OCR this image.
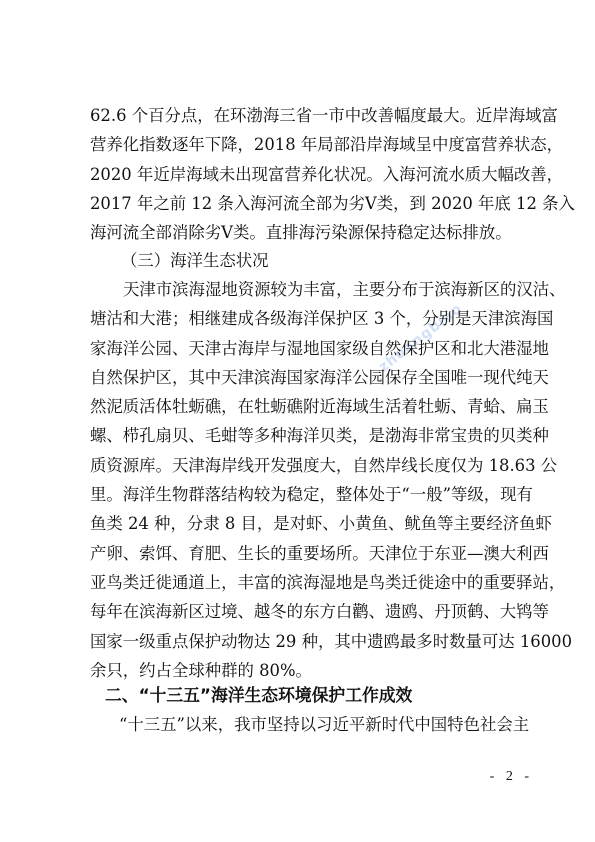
zhuangbiao
62.6 个百分点，在环渤海三省一市中改善幅度最大。近岸海域富
营养化指数逐年下降，2018 年局部沿岸海域呈中度富营养状态，
2020 年近岸海域未出现富营养化状况。入海河流水质大幅改善，
2017 年之前 12 条入海河流全部为劣Ⅴ类，到 2020 年底 12 条入
海河流全部消除劣Ⅴ类。直排海污染源保持稳定达标排放。
（三）海洋生态状况
天津市滨海湿地资源较为丰富，主要分布于滨海新区的汉沽、
塘沽和大港；相继建成各级海洋保护区 3 个，分别是天津滨海国
家海洋公园、天津古海岸与湿地国家级自然保护区和北大港湿地
自然保护区，其中天津滨海国家海洋公园保存全国唯一现代纯天
然泥质活体牡蛎礁，在牡蛎礁附近海域生活着牡蛎、青蛤、扁玉
螺、栉孔扇贝、毛蚶等多种海洋贝类，是渤海非常宝贵的贝类种
质资源库。天津海岸线开发强度大，自然岸线长度仅为 18.63 公
里。海洋生物群落结构较为稳定，整体处于“一般”等级，现有
鱼类 24 种，分隶 8 目，是对虾、小黄鱼、鱿鱼等主要经济鱼虾
产卵、索饵、育肥、生长的重要场所。天津位于东亚—澳大利西
亚鸟类迁徙通道上，丰富的滨海湿地是鸟类迁徙途中的重要驿站，
每年在滨海新区过境、越冬的东方白鹳、遗鸥、丹顶鹤、大鸨等
国家一级重点保护动物达 29 种，其中遗鸥最多时数量可达 16000
余只，约占全球种群的 80%。
二、“十三五”海洋生态环境保护工作成效
“十三五”以来，我市坚持以习近平新时代中国特色社会主
- 2 -
